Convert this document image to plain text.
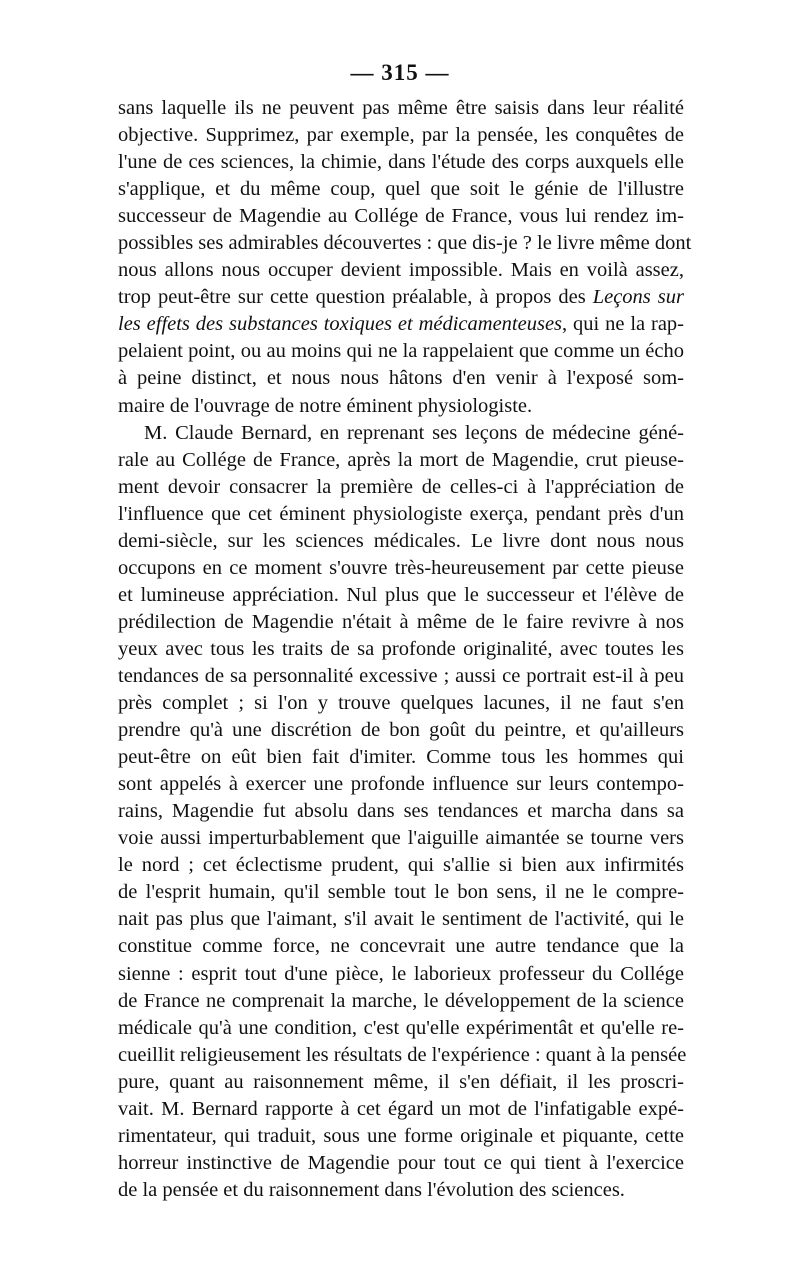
— 315 —
sans laquelle ils ne peuvent pas même être saisis dans leur réalité
objective. Supprimez, par exemple, par la pensée, les conquêtes de
l'une de ces sciences, la chimie, dans l'étude des corps auxquels elle
s'applique, et du même coup, quel que soit le génie de l'illustre
successeur de Magendie au Collége de France, vous lui rendez im-
possibles ses admirables découvertes : que dis-je ? le livre même dont
nous allons nous occuper devient impossible. Mais en voilà assez,
trop peut-être sur cette question préalable, à propos des Leçons sur
les effets des substances toxiques et médicamenteuses, qui ne la rap-
pelaient point, ou au moins qui ne la rappelaient que comme un écho
à peine distinct, et nous nous hâtons d'en venir à l'exposé som-
maire de l'ouvrage de notre éminent physiologiste.
M. Claude Bernard, en reprenant ses leçons de médecine géné-
rale au Collége de France, après la mort de Magendie, crut pieuse-
ment devoir consacrer la première de celles-ci à l'appréciation de
l'influence que cet éminent physiologiste exerça, pendant près d'un
demi-siècle, sur les sciences médicales. Le livre dont nous nous
occupons en ce moment s'ouvre très-heureusement par cette pieuse
et lumineuse appréciation. Nul plus que le successeur et l'élève de
prédilection de Magendie n'était à même de le faire revivre à nos
yeux avec tous les traits de sa profonde originalité, avec toutes les
tendances de sa personnalité excessive ; aussi ce portrait est-il à peu
près complet ; si l'on y trouve quelques lacunes, il ne faut s'en
prendre qu'à une discrétion de bon goût du peintre, et qu'ailleurs
peut-être on eût bien fait d'imiter. Comme tous les hommes qui
sont appelés à exercer une profonde influence sur leurs contempo-
rains, Magendie fut absolu dans ses tendances et marcha dans sa
voie aussi imperturbablement que l'aiguille aimantée se tourne vers
le nord ; cet éclectisme prudent, qui s'allie si bien aux infirmités
de l'esprit humain, qu'il semble tout le bon sens, il ne le compre-
nait pas plus que l'aimant, s'il avait le sentiment de l'activité, qui le
constitue comme force, ne concevrait une autre tendance que la
sienne : esprit tout d'une pièce, le laborieux professeur du Collége
de France ne comprenait la marche, le développement de la science
médicale qu'à une condition, c'est qu'elle expérimentât et qu'elle re-
cueillit religieusement les résultats de l'expérience : quant à la pensée
pure, quant au raisonnement même, il s'en défiait, il les proscri-
vait. M. Bernard rapporte à cet égard un mot de l'infatigable expé-
rimentateur, qui traduit, sous une forme originale et piquante, cette
horreur instinctive de Magendie pour tout ce qui tient à l'exercice
de la pensée et du raisonnement dans l'évolution des sciences.
